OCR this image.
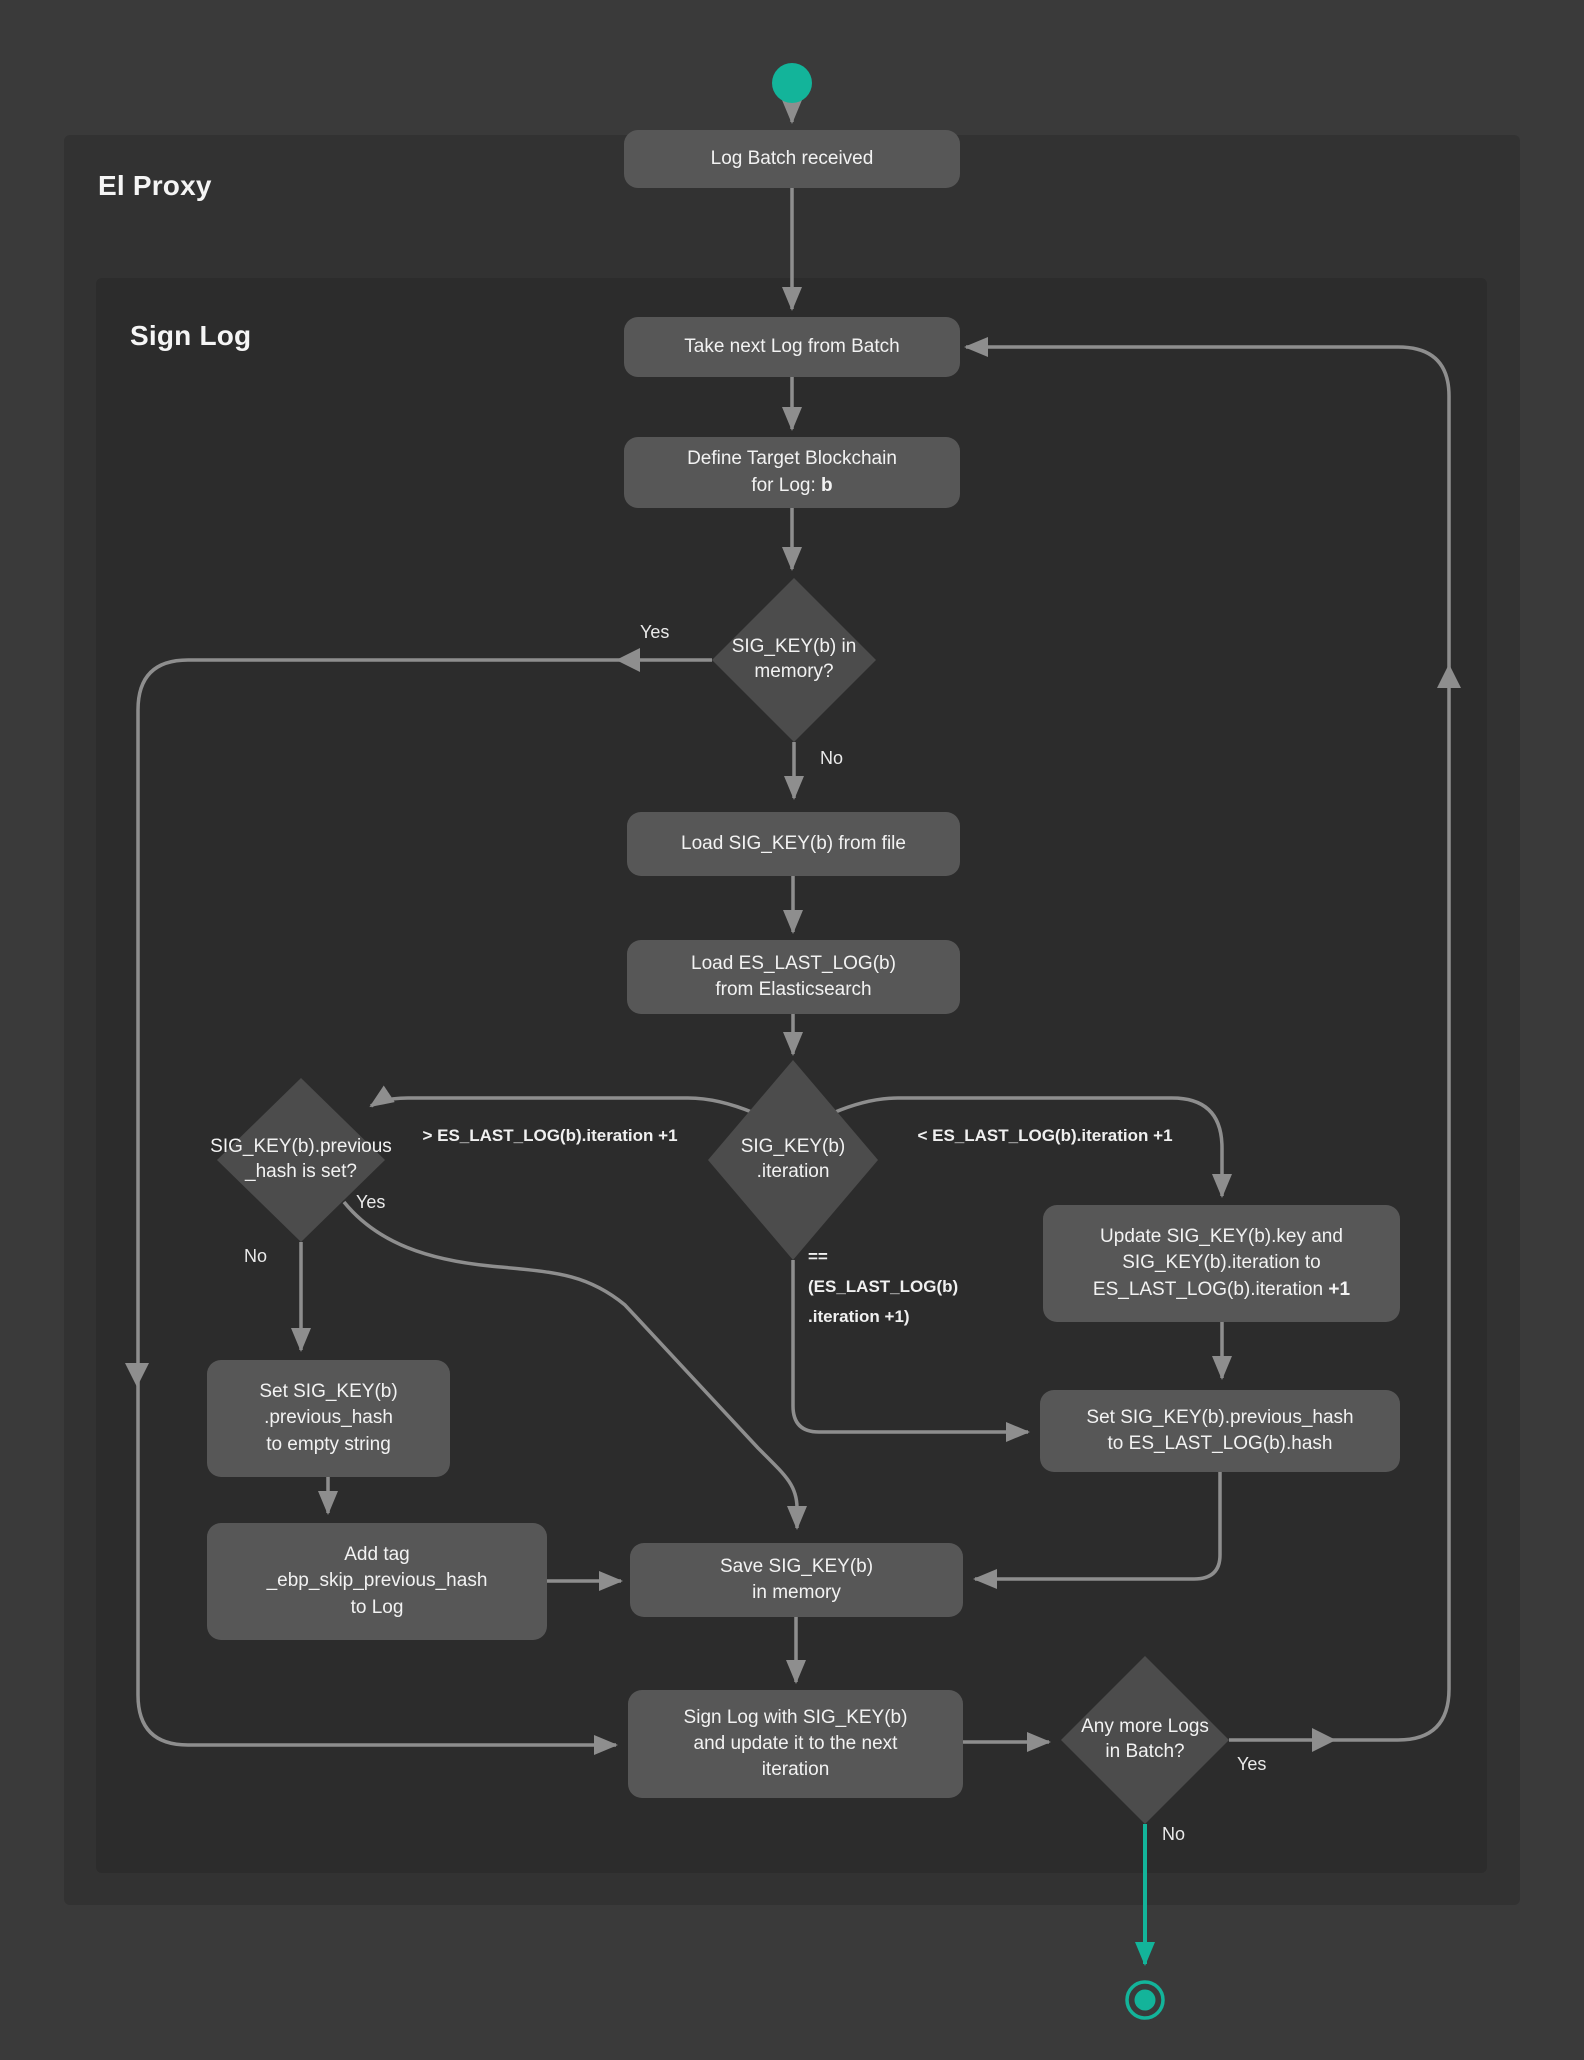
El Proxy
Sign Log
Log Batch received
Take next Log from Batch
Define Target Blockchain
for Log: b
Load SIG_KEY(b) from file
Load ES_LAST_LOG(b)
from Elasticsearch
Update SIG_KEY(b).key and
SIG_KEY(b).iteration to
ES_LAST_LOG(b).iteration +1
Set SIG_KEY(b).previous_hash
to ES_LAST_LOG(b).hash
Set SIG_KEY(b)
.previous_hash
to empty string
Add tag
_ebp_skip_previous_hash
to Log
Save SIG_KEY(b)
in memory
Sign Log with SIG_KEY(b)
and update it to the next
iteration
SIG_KEY(b) in
memory?
SIG_KEY(b)
.iteration
SIG_KEY(b).previous
_hash is set?
Any more Logs
in Batch?
Yes
No
> ES_LAST_LOG(b).iteration +1	< ES_LAST_LOG(b).iteration +1
==
(ES_LAST_LOG(b)
.iteration +1)
Yes
No
Yes
No
